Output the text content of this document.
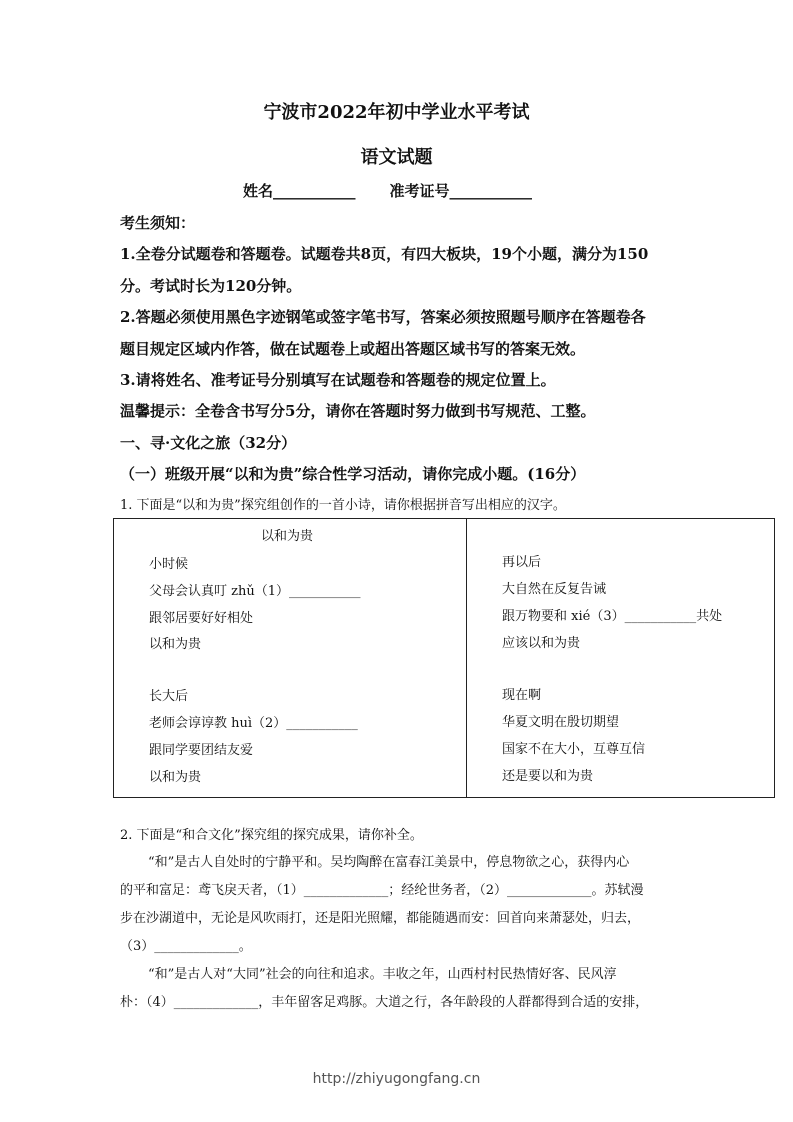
宁波市2022年初中学业水平考试
语文试题
姓名___________ 准考证号___________
考生须知：
1.全卷分试题卷和答题卷。试题卷共8页，有四大板块，19个小题，满分为150
分。考试时长为120分钟。
2.答题必须使用黑色字迹钢笔或签字笔书写，答案必须按照题号顺序在答题卷各
题目规定区域内作答，做在试题卷上或超出答题区域书写的答案无效。
3.请将姓名、准考证号分别填写在试题卷和答题卷的规定位置上。
温馨提示：全卷含书写分5分，请你在答题时努力做到书写规范、工整。
一、寻·文化之旅（32分）
（一）班级开展“以和为贵”综合性学习活动，请你完成小题。(16分）
1. 下面是“以和为贵”探究组创作的一首小诗，请你根据拼音写出相应的汉字。
以和为贵
小时候
父母会认真叮 zhǔ（1）___________
跟邻居要好好相处
以和为贵
长大后
老师会谆谆教 huì（2）___________
跟同学要团结友爱
以和为贵
再以后
大自然在反复告诫
跟万物要和 xié（3）___________共处
应该以和为贵
现在啊
华夏文明在殷切期望
国家不在大小，互尊互信
还是要以和为贵
2. 下面是“和合文化”探究组的探究成果，请你补全。
“和”是古人自处时的宁静平和。吴均陶醉在富春江美景中，停息物欲之心，获得内心
的平和富足：鸢飞戾天者，（1）_____________；经纶世务者，（2）_____________。苏轼漫
步在沙湖道中，无论是风吹雨打，还是阳光照耀，都能随遇而安：回首向来萧瑟处，归去，
（3）_____________。
“和”是古人对“大同”社会的向往和追求。丰收之年，山西村村民热情好客、民风淳
朴：（4）_____________，丰年留客足鸡豚。大道之行，各年龄段的人群都得到合适的安排，
http://zhiyugongfang.cn
